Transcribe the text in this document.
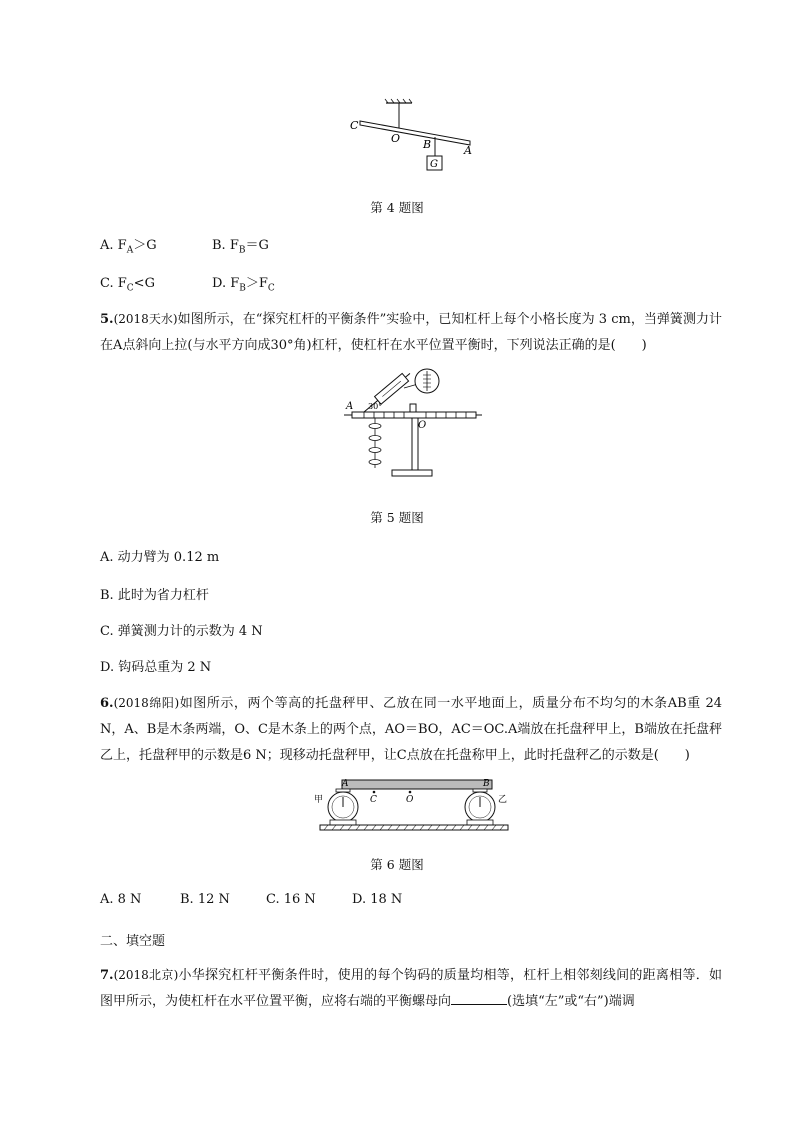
C
O B	A
G
第 4 题图
A. $F_A>G$	B. $F_B=G$
C. $F_C<G$	D. $F_B>F_C$
5.(2018天水)如图所示，在“探究杠杆的平衡条件”实验中，已知杠杆上每个小格长度为 3 cm，当弹簧测力计在A点斜向上拉(与水平方向成30°角)杠杆，使杠杆在水平位置平衡时，下列说法正确的是(　　)
A 30°
O
第 5 题图
A. 动力臂为 0.12 m
B. 此时为省力杠杆
C. 弹簧测力计的示数为 4 N
D. 钩码总重为 2 N
6.(2018绵阳)如图所示，两个等高的托盘秤甲、乙放在同一水平地面上，质量分布不均匀的木条AB重 24 N，A、B是木条两端，O、C是木条上的两个点，AO＝BO，AC＝OC.A端放在托盘秤甲上，B端放在托盘秤乙上，托盘秤甲的示数是6 N；现移动托盘秤甲，让C点放在托盘称甲上，此时托盘秤乙的示数是(　　)
A	B
C	O
甲	乙
第 6 题图
A. 8 N	B. 12 N	C. 16 N	D. 18 N
二、填空题
7.(2018北京)小华探究杠杆平衡条件时，使用的每个钩码的质量均相等，杠杆上相邻刻线间的距离相等．如图甲所示，为使杠杆在水平位置平衡，应将右端的平衡螺母向	(选填“左”或“右”)端调
